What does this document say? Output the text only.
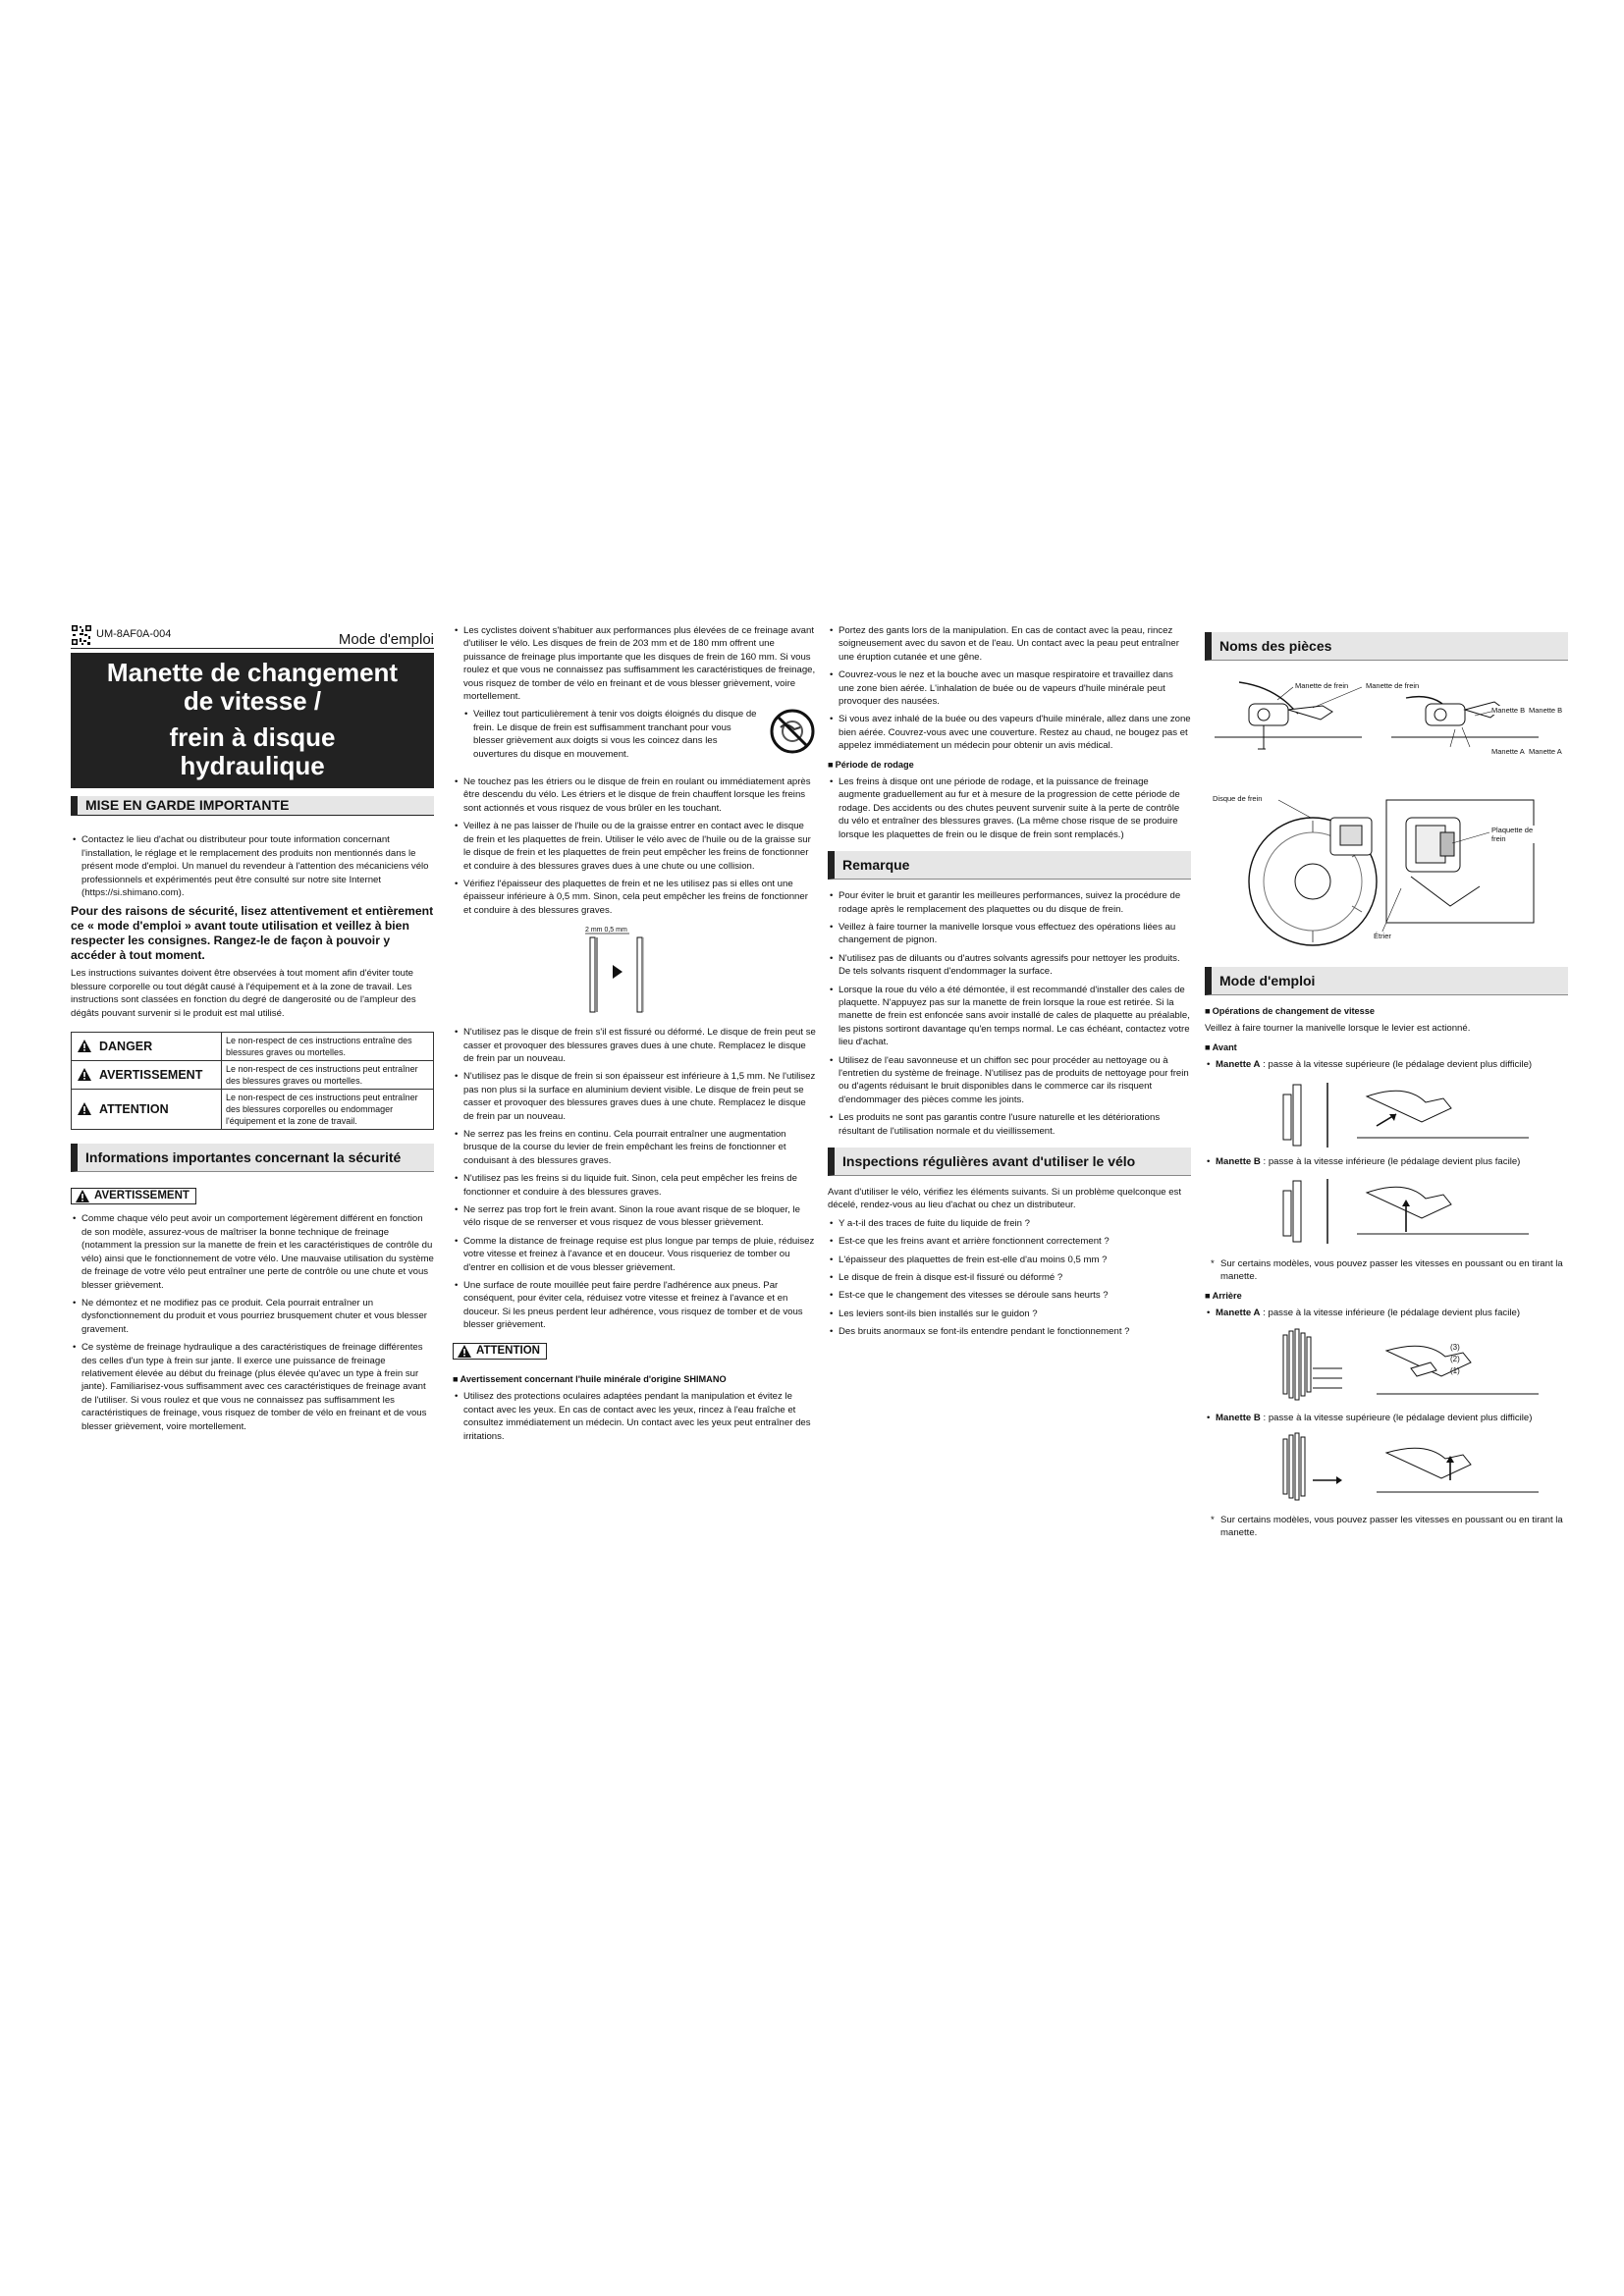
UM-8AF0A-004	Mode d'emploi
Manette de changement
de vitesse /
frein à disque
hydraulique
MISE EN GARDE IMPORTANTE
• Contactez le lieu d'achat ou distributeur pour toute information concernant l'installation, le réglage et le remplacement des produits non mentionnés dans le présent mode d'emploi. Un manuel du revendeur à l'attention des mécaniciens vélo professionnels et expérimentés peut être consulté sur notre site Internet (https://si.shimano.com).
Pour des raisons de sécurité, lisez attentivement et entièrement ce « mode d'emploi » avant toute utilisation et veillez à bien respecter les consignes. Rangez-le de façon à pouvoir y accéder à tout moment.

Les instructions suivantes doivent être observées à tout moment afin d'éviter toute blessure corporelle ou tout dégât causé à l'équipement et à la zone de travail. Les instructions sont classées en fonction du degré de dangerosité ou de l'ampleur des dégâts pouvant survenir si le produit est mal utilisé.

DANGER	Le non-respect de ces instructions entraîne des blessures graves ou mortelles.
AVERTISSEMENT	Le non-respect de ces instructions peut entraîner des blessures graves ou mortelles.
ATTENTION	Le non-respect de ces instructions peut entraîner des blessures corporelles ou endommager l'équipement et la zone de travail.
Informations importantes concernant la sécurité
AVERTISSEMENT
• Comme chaque vélo peut avoir un comportement légèrement différent en fonction de son modèle, assurez-vous de maîtriser la bonne technique de freinage (notamment la pression sur la manette de frein et les caractéristiques de contrôle du vélo) ainsi que le fonctionnement de votre vélo. Une mauvaise utilisation du système de freinage de votre vélo peut entraîner une perte de contrôle ou une chute et vous blesser grièvement.
• Ne démontez et ne modifiez pas ce produit. Cela pourrait entraîner un dysfonctionnement du produit et vous pourriez brusquement chuter et vous blesser gravement.
• Ce système de freinage hydraulique a des caractéristiques de freinage différentes des celles d'un type à frein sur jante. Il exerce une puissance de freinage relativement élevée au début du freinage (plus élevée qu'avec un type à frein sur jante). Familiarisez-vous suffisamment avec ces caractéristiques de freinage avant de l'utiliser. Si vous roulez et que vous ne connaissez pas suffisamment les caractéristiques de freinage, vous risquez de tomber de vélo en freinant et de vous blesser grièvement, voire mortellement.
• Les cyclistes doivent s'habituer aux performances plus élevées de ce freinage avant d'utiliser le vélo. Les disques de frein de 203 mm et de 180 mm offrent une puissance de freinage plus importante que les disques de frein de 160 mm. Si vous roulez et que vous ne connaissez pas suffisamment les caractéristiques de freinage, vous risquez de tomber de vélo en freinant et de vous blesser grièvement, voire mortellement.
• Veillez tout particulièrement à tenir vos doigts éloignés du disque de frein. Le disque de frein est suffisamment tranchant pour vous blesser grièvement aux doigts si vous les coincez dans les ouvertures du disque en mouvement.
• Ne touchez pas les étriers ou le disque de frein en roulant ou immédiatement après être descendu du vélo. Les étriers et le disque de frein chauffent lorsque les freins sont actionnés et vous risquez de vous brûler en les touchant.
• Veillez à ne pas laisser de l'huile ou de la graisse entrer en contact avec le disque de frein et les plaquettes de frein. Utiliser le vélo avec de l'huile ou de la graisse sur le disque de frein et les plaquettes de frein peut empêcher les freins de fonctionner et conduire à des blessures graves dues à une chute ou une collision.
• Vérifiez l'épaisseur des plaquettes de frein et ne les utilisez pas si elles ont une épaisseur inférieure à 0,5 mm. Sinon, cela peut empêcher les freins de fonctionner et conduire à des blessures graves.
2 mm 0,5 mm
• N'utilisez pas le disque de frein s'il est fissuré ou déformé. Le disque de frein peut se casser et provoquer des blessures graves dues à une chute. Remplacez le disque de frein par un nouveau.
• N'utilisez pas le disque de frein si son épaisseur est inférieure à 1,5 mm. Ne l'utilisez pas non plus si la surface en aluminium devient visible. Le disque de frein peut se casser et provoquer des blessures graves dues à une chute. Remplacez le disque de frein par un nouveau.
• Ne serrez pas les freins en continu. Cela pourrait entraîner une augmentation brusque de la course du levier de frein empêchant les freins de fonctionner et conduisant à des blessures graves.
• N'utilisez pas les freins si du liquide fuit. Sinon, cela peut empêcher les freins de fonctionner et conduire à des blessures graves.
• Ne serrez pas trop fort le frein avant. Sinon la roue avant risque de se bloquer, le vélo risque de se renverser et vous risquez de vous blesser grièvement.
• Comme la distance de freinage requise est plus longue par temps de pluie, réduisez votre vitesse et freinez à l'avance et en douceur. Vous risqueriez de tomber ou d'entrer en collision et de vous blesser grièvement.
• Une surface de route mouillée peut faire perdre l'adhérence aux pneus. Par conséquent, pour éviter cela, réduisez votre vitesse et freinez à l'avance et en douceur. Si les pneus perdent leur adhérence, vous risquez de tomber et de vous blesser grièvement.
ATTENTION
■ Avertissement concernant l'huile minérale d'origine SHIMANO
• Utilisez des protections oculaires adaptées pendant la manipulation et évitez le contact avec les yeux. En cas de contact avec les yeux, rincez à l'eau fraîche et consultez immédiatement un médecin. Un contact avec les yeux peut entraîner des irritations.
• Portez des gants lors de la manipulation. En cas de contact avec la peau, rincez soigneusement avec du savon et de l'eau. Un contact avec la peau peut entraîner une éruption cutanée et une gêne.
• Couvrez-vous le nez et la bouche avec un masque respiratoire et travaillez dans une zone bien aérée. L'inhalation de buée ou de vapeurs d'huile minérale peut provoquer des nausées.
• Si vous avez inhalé de la buée ou des vapeurs d'huile minérale, allez dans une zone bien aérée. Couvrez-vous avec une couverture. Restez au chaud, ne bougez pas et appelez immédiatement un médecin pour obtenir un avis médical.
■ Période de rodage
• Les freins à disque ont une période de rodage, et la puissance de freinage augmente graduellement au fur et à mesure de la progression de cette période de rodage. Des accidents ou des chutes peuvent survenir suite à la perte de contrôle du vélo et entraîner des blessures graves. (La même chose risque de se produire lorsque les plaquettes de frein ou le disque de frein sont remplacés.)
Remarque
• Pour éviter le bruit et garantir les meilleures performances, suivez la procédure de rodage après le remplacement des plaquettes ou du disque de frein.
• Veillez à faire tourner la manivelle lorsque vous effectuez des opérations liées au changement de pignon.
• N'utilisez pas de diluants ou d'autres solvants agressifs pour nettoyer les produits. De tels solvants risquent d'endommager la surface.
• Lorsque la roue du vélo a été démontée, il est recommandé d'installer des cales de plaquette. N'appuyez pas sur la manette de frein lorsque la roue est retirée. Si la manette de frein est enfoncée sans avoir installé de cales de plaquette au préalable, les pistons sortiront davantage qu'en temps normal. Le cas échéant, contactez votre lieu d'achat.
• Utilisez de l'eau savonneuse et un chiffon sec pour procéder au nettoyage ou à l'entretien du système de freinage. N'utilisez pas de produits de nettoyage pour frein ou d'agents réduisant le bruit disponibles dans le commerce car ils risquent d'endommager des pièces comme les joints.
• Les produits ne sont pas garantis contre l'usure naturelle et les détériorations résultant de l'utilisation normale et du vieillissement.
Inspections régulières avant d'utiliser le vélo

Avant d'utiliser le vélo, vérifiez les éléments suivants. Si un problème quelconque est décelé, rendez-vous au lieu d'achat ou chez un distributeur.

• Y a-t-il des traces de fuite du liquide de frein ?
• Est-ce que les freins avant et arrière fonctionnent correctement ?
• L'épaisseur des plaquettes de frein est-elle d'au moins 0,5 mm ?
• Le disque de frein à disque est-il fissuré ou déformé ?
• Est-ce que le changement des vitesses se déroule sans heurts ?
• Les leviers sont-ils bien installés sur le guidon ?
• Des bruits anormaux se font-ils entendre pendant le fonctionnement ?
Noms des pièces
Manette de frein Manette de frein
Manette B Manette B
Manette A Manette A
Disque de frein
Plaquette de frein
Étrier
Mode d'emploi
■ Opérations de changement de vitesse

Veillez à faire tourner la manivelle lorsque le levier est actionné.

■ Avant
• Manette A : passe à la vitesse supérieure (le pédalage devient plus difficile)
• Manette B : passe à la vitesse inférieure (le pédalage devient plus facile)
* Sur certains modèles, vous pouvez passer les vitesses en poussant ou en tirant la manette.
■ Arrière
• Manette A : passe à la vitesse inférieure (le pédalage devient plus facile)
(3)
(2)
(1)
• Manette B : passe à la vitesse supérieure (le pédalage devient plus difficile)
* Sur certains modèles, vous pouvez passer les vitesses en poussant ou en tirant la manette.
